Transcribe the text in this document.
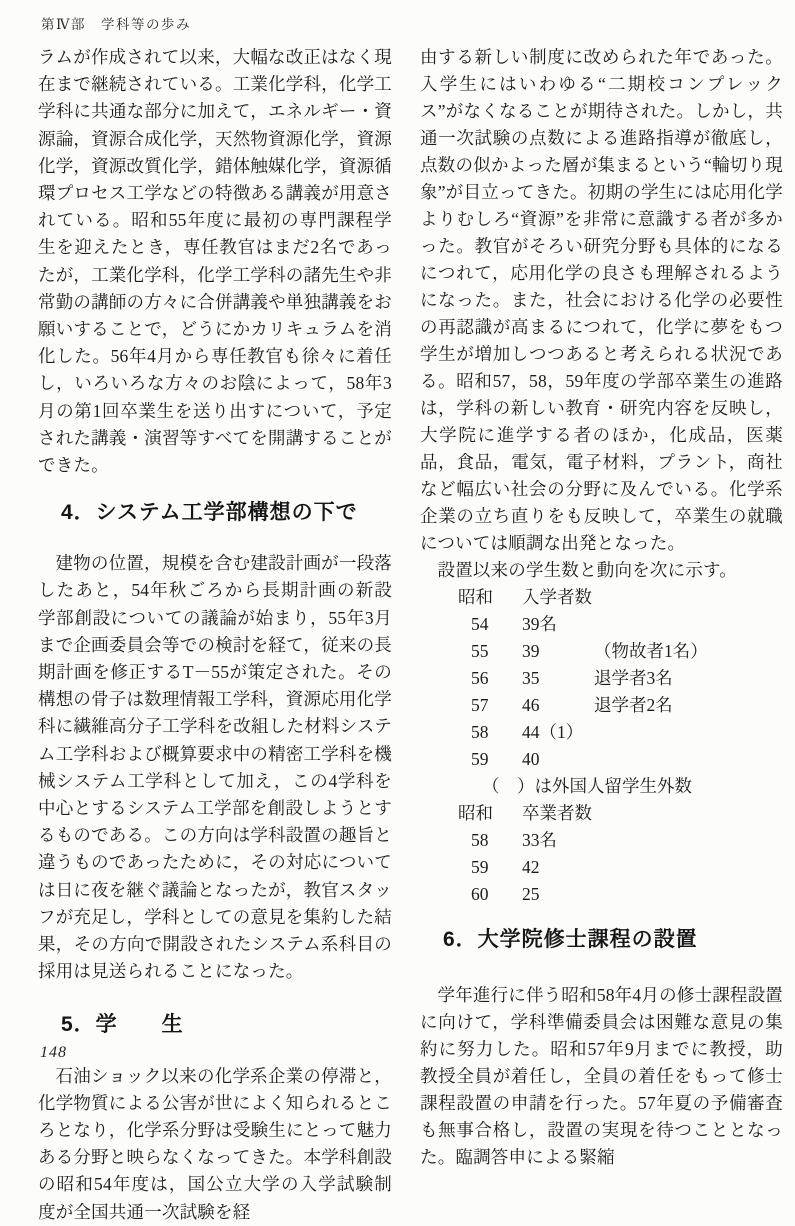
第Ⅳ部　学科等の歩み

ラムが作成されて以来，大幅な改正はなく現在まで継続されている。工業化学科，化学工学科に共通な部分に加えて，エネルギー・資源論，資源合成化学，天然物資源化学，資源化学，資源改質化学，錯体触媒化学，資源循環プロセス工学などの特徴ある講義が用意されている。昭和55年度に最初の専門課程学生を迎えたとき，専任教官はまだ2名であったが，工業化学科，化学工学科の諸先生や非常勤の講師の方々に合併講義や単独講義をお願いすることで，どうにかカリキュラムを消化した。56年4月から専任教官も徐々に着任し，いろいろな方々のお陰によって，58年3月の第1回卒業生を送り出すについて，予定された講義・演習等すべてを開講することができた。

4．システム工学部構想の下で

建物の位置，規模を含む建設計画が一段落したあと，54年秋ごろから長期計画の新設学部創設についての議論が始まり，55年3月まで企画委員会等での検討を経て，従来の長期計画を修正するT－55が策定された。その構想の骨子は数理情報工学科，資源応用化学科に繊維高分子工学科を改組した材料システム工学科および概算要求中の精密工学科を機械システム工学科として加え，この4学科を中心とするシステム工学部を創設しようとするものである。この方向は学科設置の趣旨と違うものであったために，その対応については日に夜を継ぐ議論となったが，教官スタッフが充足し，学科としての意見を集約した結果，その方向で開設されたシステム系科目の採用は見送られることになった。

5．学　　生

石油ショック以来の化学系企業の停滞と，化学物質による公害が世によく知られるところとなり，化学系分野は受験生にとって魅力ある分野と映らなくなってきた。本学科創設の昭和54年度は，国公立大学の入学試験制度が全国共通一次試験を経

由する新しい制度に改められた年であった。入学生にはいわゆる“二期校コンプレックス”がなくなることが期待された。しかし，共通一次試験の点数による進路指導が徹底し，点数の似かよった層が集まるという“輪切り現象”が目立ってきた。初期の学生には応用化学よりむしろ“資源”を非常に意識する者が多かった。教官がそろい研究分野も具体的になるにつれて，応用化学の良さも理解されるようになった。また，社会における化学の必要性の再認識が高まるにつれて，化学に夢をもつ学生が増加しつつあると考えられる状況である。昭和57，58，59年度の学部卒業生の進路は，学科の新しい教育・研究内容を反映し，大学院に進学する者のほか，化成品，医薬品，食品，電気，電子材料，プラント，商社など幅広い社会の分野に及んでいる。化学系企業の立ち直りをも反映して，卒業生の就職については順調な出発となった。

設置以来の学生数と動向を次に示す。

昭和	入学者数
54	39名
55	39	（物故者1名）
56	35	退学者3名
57	46	退学者2名
58	44（1）
59	40
（　）は外国人留学生外数
昭和	卒業者数
58	33名
59	42
60	25
6．大学院修士課程の設置

学年進行に伴う昭和58年4月の修士課程設置に向けて，学科準備委員会は困難な意見の集約に努力した。昭和57年9月までに教授，助教授全員が着任し，全員の着任をもって修士課程設置の申請を行った。57年夏の予備審査も無事合格し，設置の実現を待つこととなった。臨調答申による緊縮

148
